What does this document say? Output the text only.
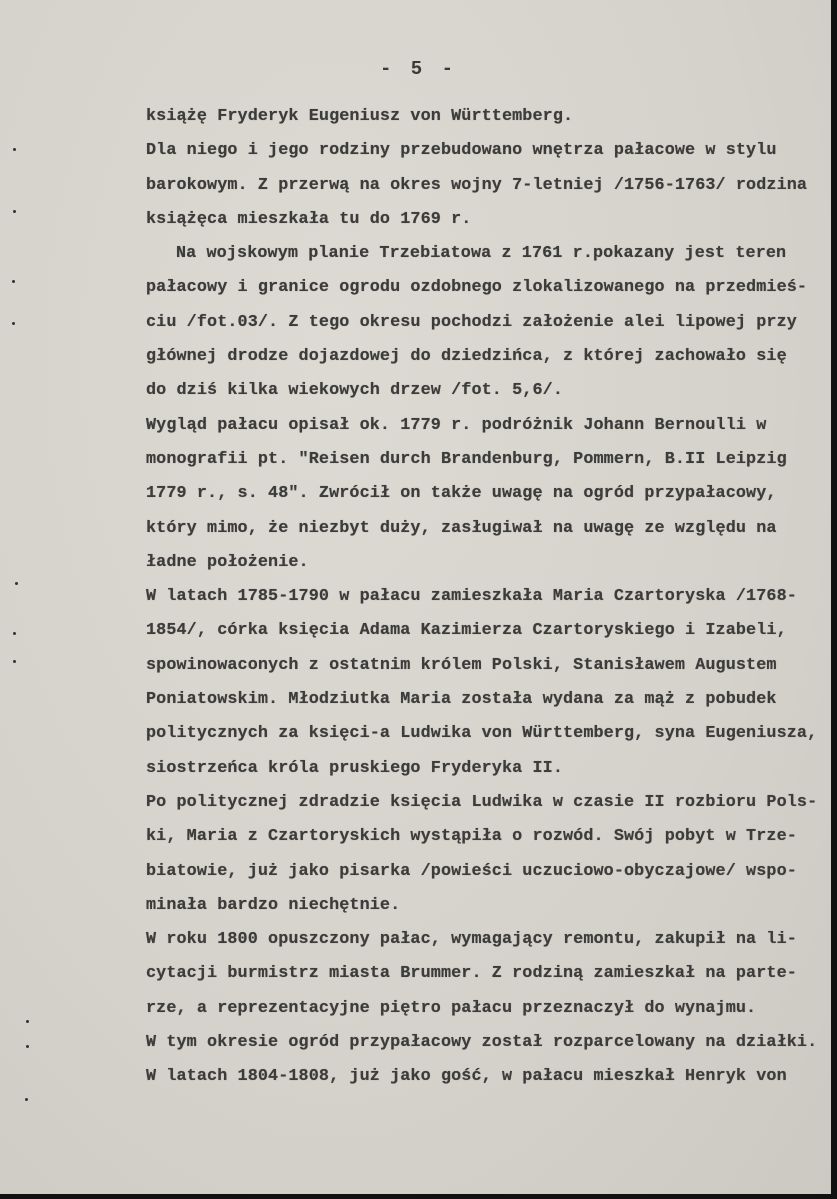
- 5 -
książę Fryderyk Eugeniusz von Württemberg.
Dla niego i jego rodziny przebudowano wnętrza pałacowe w stylu
barokowym. Z przerwą na okres wojny 7-letniej /1756-1763/ rodzina
książęca mieszkała tu do 1769 r.
Na wojskowym planie Trzebiatowa z 1761 r.pokazany jest teren
pałacowy i granice ogrodu ozdobnego zlokalizowanego na przedmieś-
ciu /fot.03/. Z tego okresu pochodzi założenie alei lipowej przy
głównej drodze dojazdowej do dziedzińca, z której zachowało się
do dziś kilka wiekowych drzew /fot. 5,6/.
Wygląd pałacu opisał ok. 1779 r. podróżnik Johann Bernoulli w
monografii pt. "Reisen durch Brandenburg, Pommern, B.II Leipzig
1779 r., s. 48". Zwrócił on także uwagę na ogród przypałacowy,
który mimo, że niezbyt duży, zasługiwał na uwagę ze względu na
ładne położenie.
W latach 1785-1790 w pałacu zamieszkała Maria Czartoryska /1768-
1854/, córka księcia Adama Kazimierza Czartoryskiego i Izabeli,
spowinowaconych z ostatnim królem Polski, Stanisławem Augustem
Poniatowskim. Młodziutka Maria została wydana za mąż z pobudek
politycznych za księci-a Ludwika von Württemberg, syna Eugeniusza,
siostrzeńca króla pruskiego Fryderyka II.
Po politycznej zdradzie księcia Ludwika w czasie II rozbioru Pols-
ki, Maria z Czartoryskich wystąpiła o rozwód. Swój pobyt w Trze-
biatowie, już jako pisarka /powieści uczuciowo-obyczajowe/ wspo-
minała bardzo niechętnie.
W roku 1800 opuszczony pałac, wymagający remontu, zakupił na li-
cytacji burmistrz miasta Brummer. Z rodziną zamieszkał na parte-
rze, a reprezentacyjne piętro pałacu przeznaczył do wynajmu.
W tym okresie ogród przypałacowy został rozparcelowany na działki.
W latach 1804-1808, już jako gość, w pałacu mieszkał Henryk von
